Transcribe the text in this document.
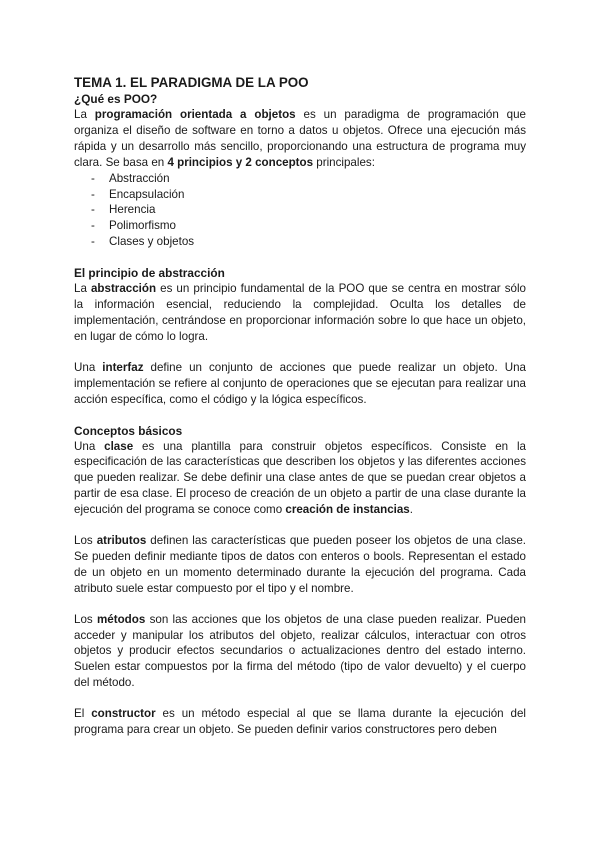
TEMA 1. EL PARADIGMA DE LA POO
¿Qué es POO?

La programación orientada a objetos es un paradigma de programación que organiza el diseño de software en torno a datos u objetos. Ofrece una ejecución más rápida y un desarrollo más sencillo, proporcionando una estructura de programa muy clara. Se basa en 4 principios y 2 conceptos principales:

- Abstracción
- Encapsulación
- Herencia
- Polimorfismo
- Clases y objetos
El principio de abstracción

La abstracción es un principio fundamental de la POO que se centra en mostrar sólo la información esencial, reduciendo la complejidad. Oculta los detalles de implementación, centrándose en proporcionar información sobre lo que hace un objeto, en lugar de cómo lo logra.

Una interfaz define un conjunto de acciones que puede realizar un objeto. Una implementación se refiere al conjunto de operaciones que se ejecutan para realizar una acción específica, como el código y la lógica específicos.

Conceptos básicos

Una clase es una plantilla para construir objetos específicos. Consiste en la especificación de las características que describen los objetos y las diferentes acciones que pueden realizar. Se debe definir una clase antes de que se puedan crear objetos a partir de esa clase. El proceso de creación de un objeto a partir de una clase durante la ejecución del programa se conoce como creación de instancias.

Los atributos definen las características que pueden poseer los objetos de una clase. Se pueden definir mediante tipos de datos con enteros o bools. Representan el estado de un objeto en un momento determinado durante la ejecución del programa. Cada atributo suele estar compuesto por el tipo y el nombre.

Los métodos son las acciones que los objetos de una clase pueden realizar. Pueden acceder y manipular los atributos del objeto, realizar cálculos, interactuar con otros objetos y producir efectos secundarios o actualizaciones dentro del estado interno. Suelen estar compuestos por la firma del método (tipo de valor devuelto) y el cuerpo del método.

El constructor es un método especial al que se llama durante la ejecución del programa para crear un objeto. Se pueden definir varios constructores pero deben
